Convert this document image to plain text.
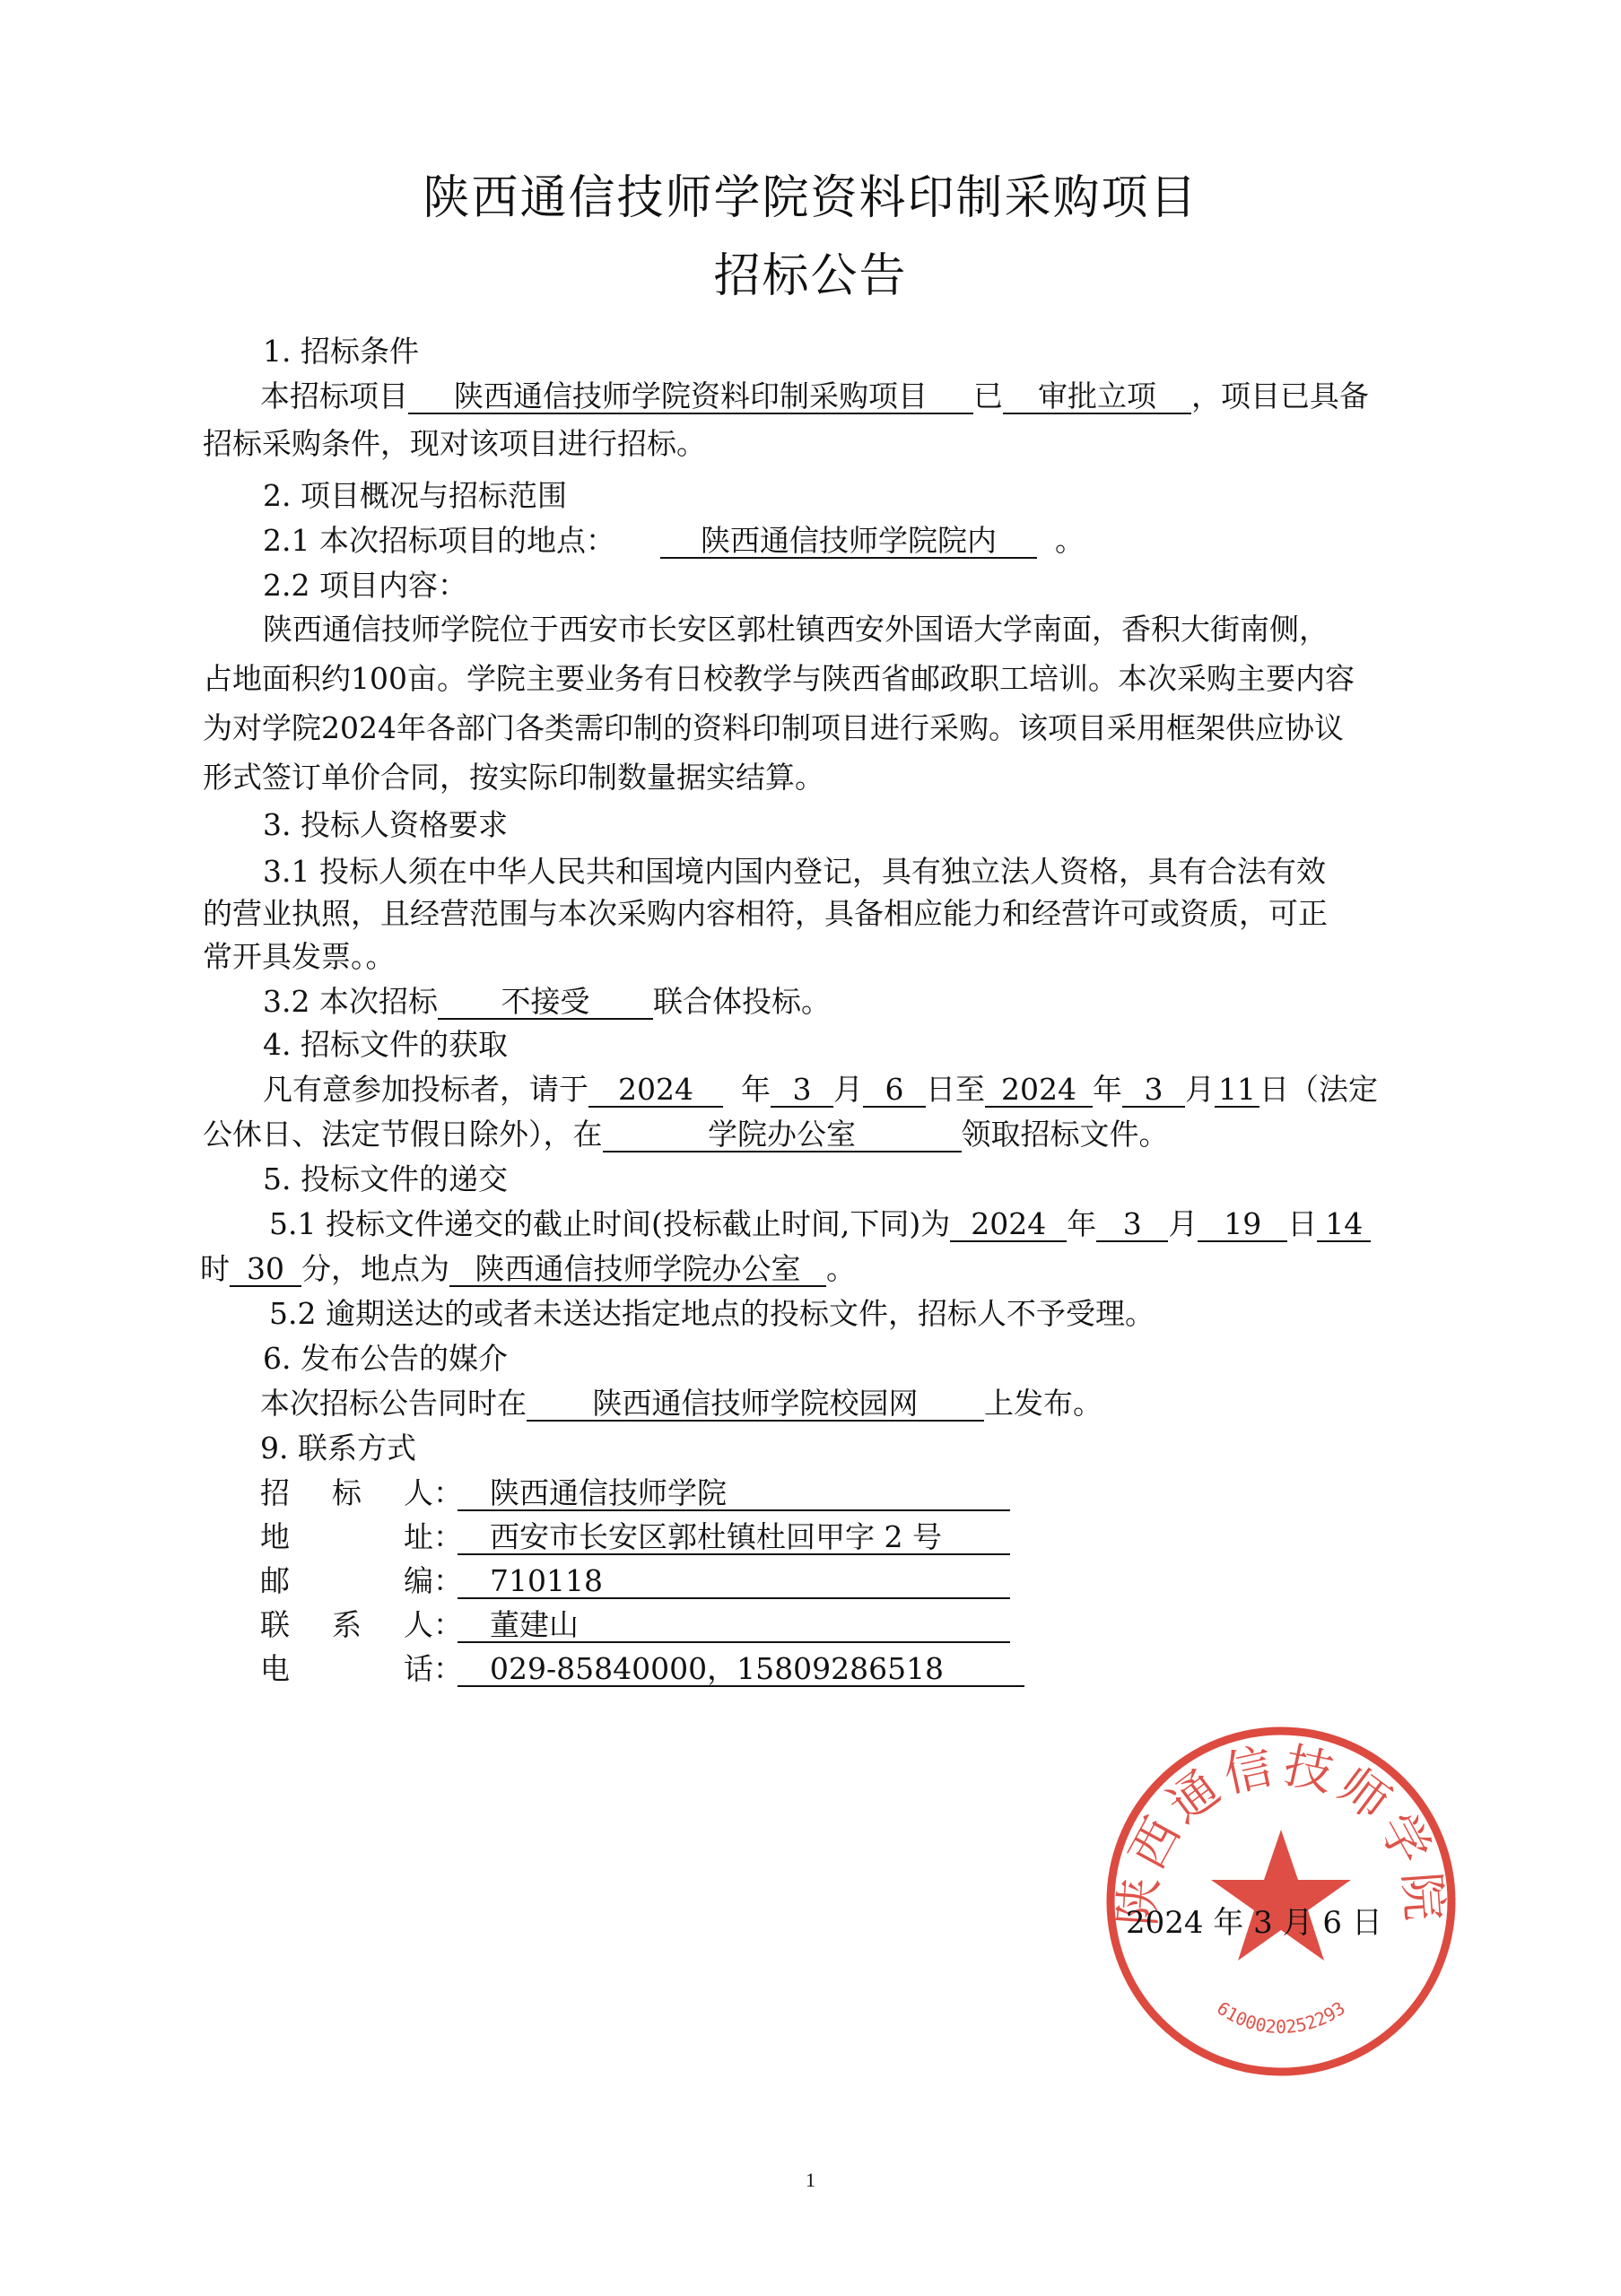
陕西通信技师学院资料印制采购项目
招标公告
1. 招标条件
本招标项目 陕西通信技师学院资料印制采购项目 已 审批立项 ，项目已具备
招标采购条件，现对该项目进行招标。
2. 项目概况与招标范围
2.1 本次招标项目的地点：	陕西通信技师学院院内 。
2.2 项目内容：
陕西通信技师学院位于西安市长安区郭杜镇西安外国语大学南面，香积大街南侧，
占地面积约100亩。学院主要业务有日校教学与陕西省邮政职工培训。本次采购主要内容
为对学院2024年各部门各类需印制的资料印制项目进行采购。该项目采用框架供应协议
形式签订单价合同，按实际印制数量据实结算。
3. 投标人资格要求
3.1 投标人须在中华人民共和国境内国内登记，具有独立法人资格，具有合法有效
的营业执照，且经营范围与本次采购内容相符，具备相应能力和经营许可或资质，可正
常开具发票。。
3.2 本次招标 不接受 联合体投标。
4. 招标文件的获取
凡有意参加投标者，请于 2024 年 3 月 6 日至 2024 年 3 月 11 日（法定
公休日、法定节假日除外），在	学院办公室	领取招标文件。
5. 投标文件的递交
5.1 投标文件递交的截止时间(投标截止时间,下同)为 2024 年 3 月 19 日 14
时 30 分，地点为 陕西通信技师学院办公室 。
5.2 逾期送达的或者未送达指定地点的投标文件，招标人不予受理。
6. 发布公告的媒介
本次招标公告同时在 陕西通信技师学院校园网 上发布。
9. 联系方式
招 标 人： 陕西通信技师学院
地	址： 西安市长安区郭杜镇杜回甲字 2 号
邮	编： 710118
联 系 人： 董建山
电	话： 029-85840000，15809286518
陕西通信技师学院
6100020252293
2024 年 3 月 6 日
1
